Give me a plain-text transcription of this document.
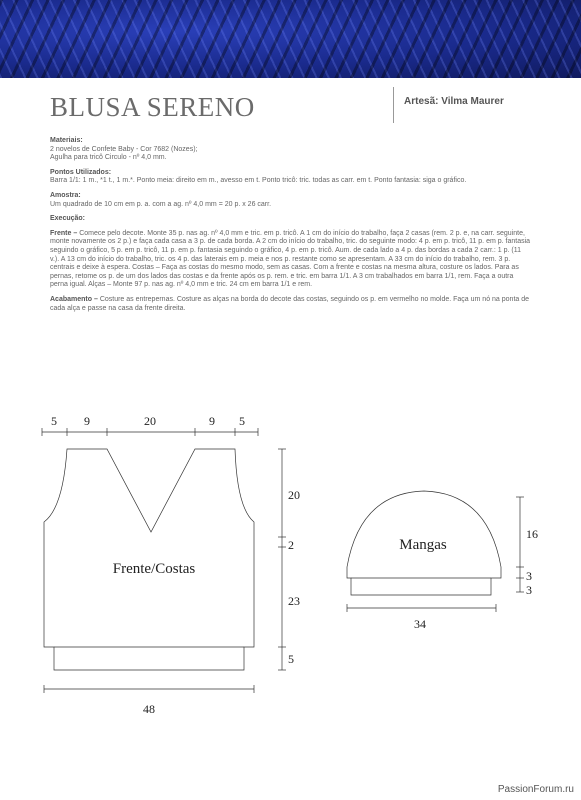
BLUSA SERENO	Artesã: Vilma Maurer

Materiais:
2 novelos de Confete Baby - Cor 7682 (Nozes);
Agulha para tricô Circulo - nº 4,0 mm.

Pontos Utilizados:
Barra 1/1: 1 m., *1 t., 1 m.*. Ponto meia: direito em m., avesso em t. Ponto tricô: tric. todas as carr. em t. Ponto fantasia: siga o gráfico.

Amostra:
Um quadrado de 10 cm em p. a. com a ag. nº 4,0 mm = 20 p. x 26 carr.

Execução:

Frente – Comece pelo decote. Monte 35 p. nas ag. nº 4,0 mm e tric. em p. tricô. A 1 cm do início do trabalho, faça 2 casas (rem. 2 p. e, na carr. seguinte, monte novamente os 2 p.) e faça cada casa a 3 p. de cada borda. A 2 cm do início do trabalho, tric. do seguinte modo: 4 p. em p. tricô, 11 p. em p. fantasia seguindo o gráfico, 5 p. em p. tricô, 11 p. em p. fantasia seguindo o gráfico, 4 p. em p. tricô. Aum. de cada lado a 4 p. das bordas a cada 2 carr.: 1 p. (11 v.). A 13 cm do início do trabalho, tric. os 4 p. das laterais em p. meia e nos p. restante como se apresentam. A 33 cm do início do trabalho, rem. 3 p. centrais e deixe à espera. Costas – Faça as costas do mesmo modo, sem as casas. Com a frente e costas na mesma altura, costure os lados. Para as pernas, retome os p. de um dos lados das costas e da frente após os p. rem. e tric. em barra 1/1. A 3 cm trabalhados em barra 1/1, rem. Faça a outra perna igual. Alças – Monte 97 p. nas ag. nº 4,0 mm e tric. 24 cm em barra 1/1 e rem.

Acabamento – Costure as entrepernas. Costure as alças na borda do decote das costas, seguindo os p. em vermelho no molde. Faça um nó na ponta de cada alça e passe na casa da frente direita.

5 9	20	9 5
20
2
23
5
48
16
3
3
34
Frente/Costas
Mangas
PassionForum.ru
